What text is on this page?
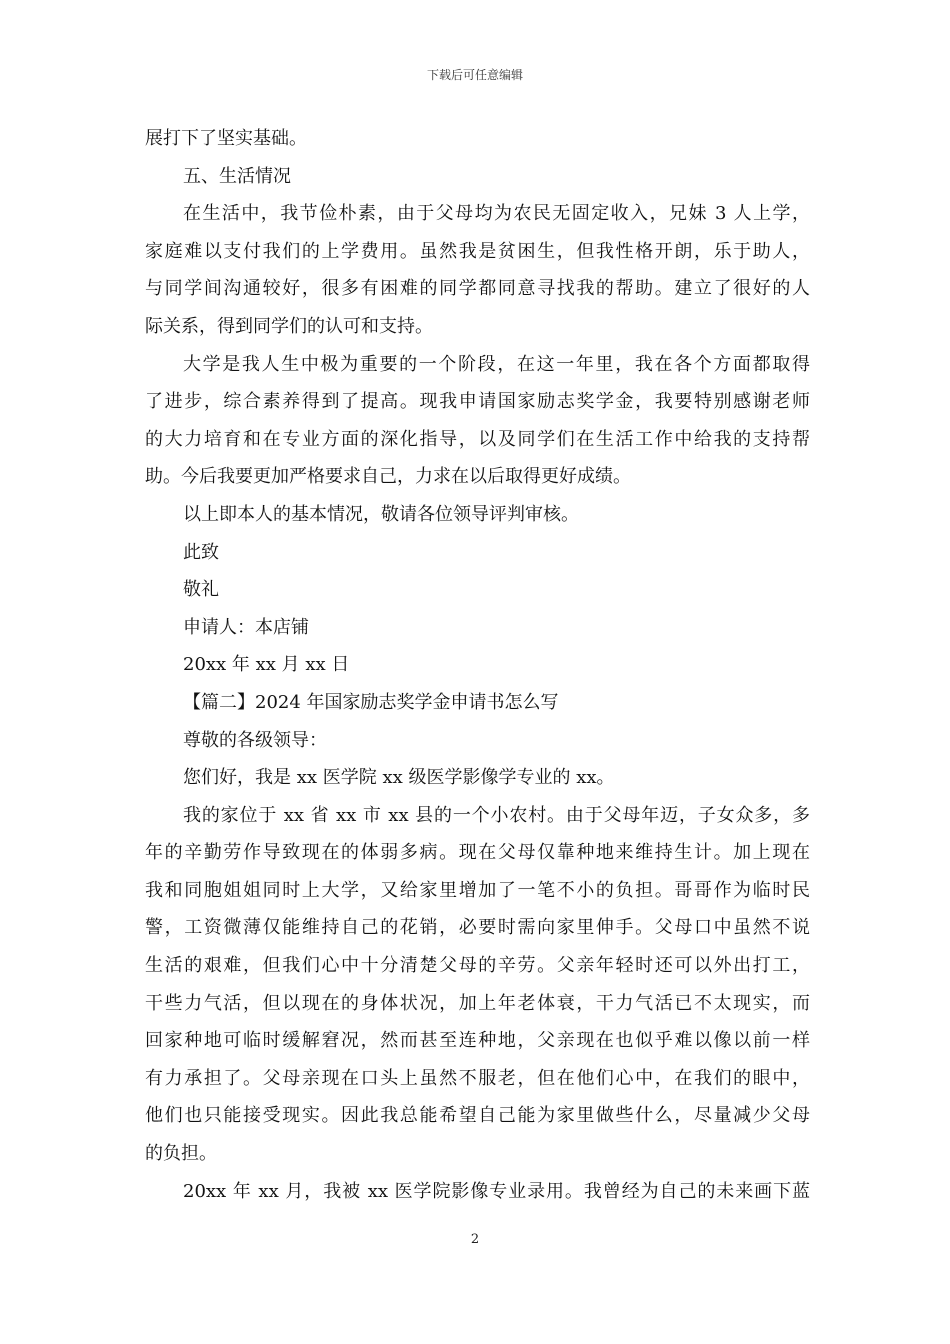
下载后可任意编辑
展打下了坚实基础。
五、生活情况
在生活中，我节俭朴素，由于父母均为农民无固定收入，兄妹 3 人上学，
家庭难以支付我们的上学费用。虽然我是贫困生，但我性格开朗，乐于助人，
与同学间沟通较好，很多有困难的同学都同意寻找我的帮助。建立了很好的人
际关系，得到同学们的认可和支持。
大学是我人生中极为重要的一个阶段，在这一年里，我在各个方面都取得
了进步，综合素养得到了提高。现我申请国家励志奖学金，我要特别感谢老师
的大力培育和在专业方面的深化指导，以及同学们在生活工作中给我的支持帮
助。今后我要更加严格要求自己，力求在以后取得更好成绩。
以上即本人的基本情况，敬请各位领导评判审核。
此致
敬礼
申请人：本店铺
20xx 年 xx 月 xx 日
【篇二】2024 年国家励志奖学金申请书怎么写
尊敬的各级领导：
您们好，我是 xx 医学院 xx 级医学影像学专业的 xx。
我的家位于 xx 省 xx 市 xx 县的一个小农村。由于父母年迈，子女众多，多
年的辛勤劳作导致现在的体弱多病。现在父母仅靠种地来维持生计。加上现在
我和同胞姐姐同时上大学，又给家里增加了一笔不小的负担。哥哥作为临时民
警，工资微薄仅能维持自己的花销，必要时需向家里伸手。父母口中虽然不说
生活的艰难，但我们心中十分清楚父母的辛劳。父亲年轻时还可以外出打工，
干些力气活，但以现在的身体状况，加上年老体衰，干力气活已不太现实，而
回家种地可临时缓解窘况，然而甚至连种地，父亲现在也似乎难以像以前一样
有力承担了。父母亲现在口头上虽然不服老，但在他们心中，在我们的眼中，
他们也只能接受现实。因此我总能希望自己能为家里做些什么，尽量减少父母
的负担。
20xx 年 xx 月，我被 xx 医学院影像专业录用。我曾经为自己的未来画下蓝
2
